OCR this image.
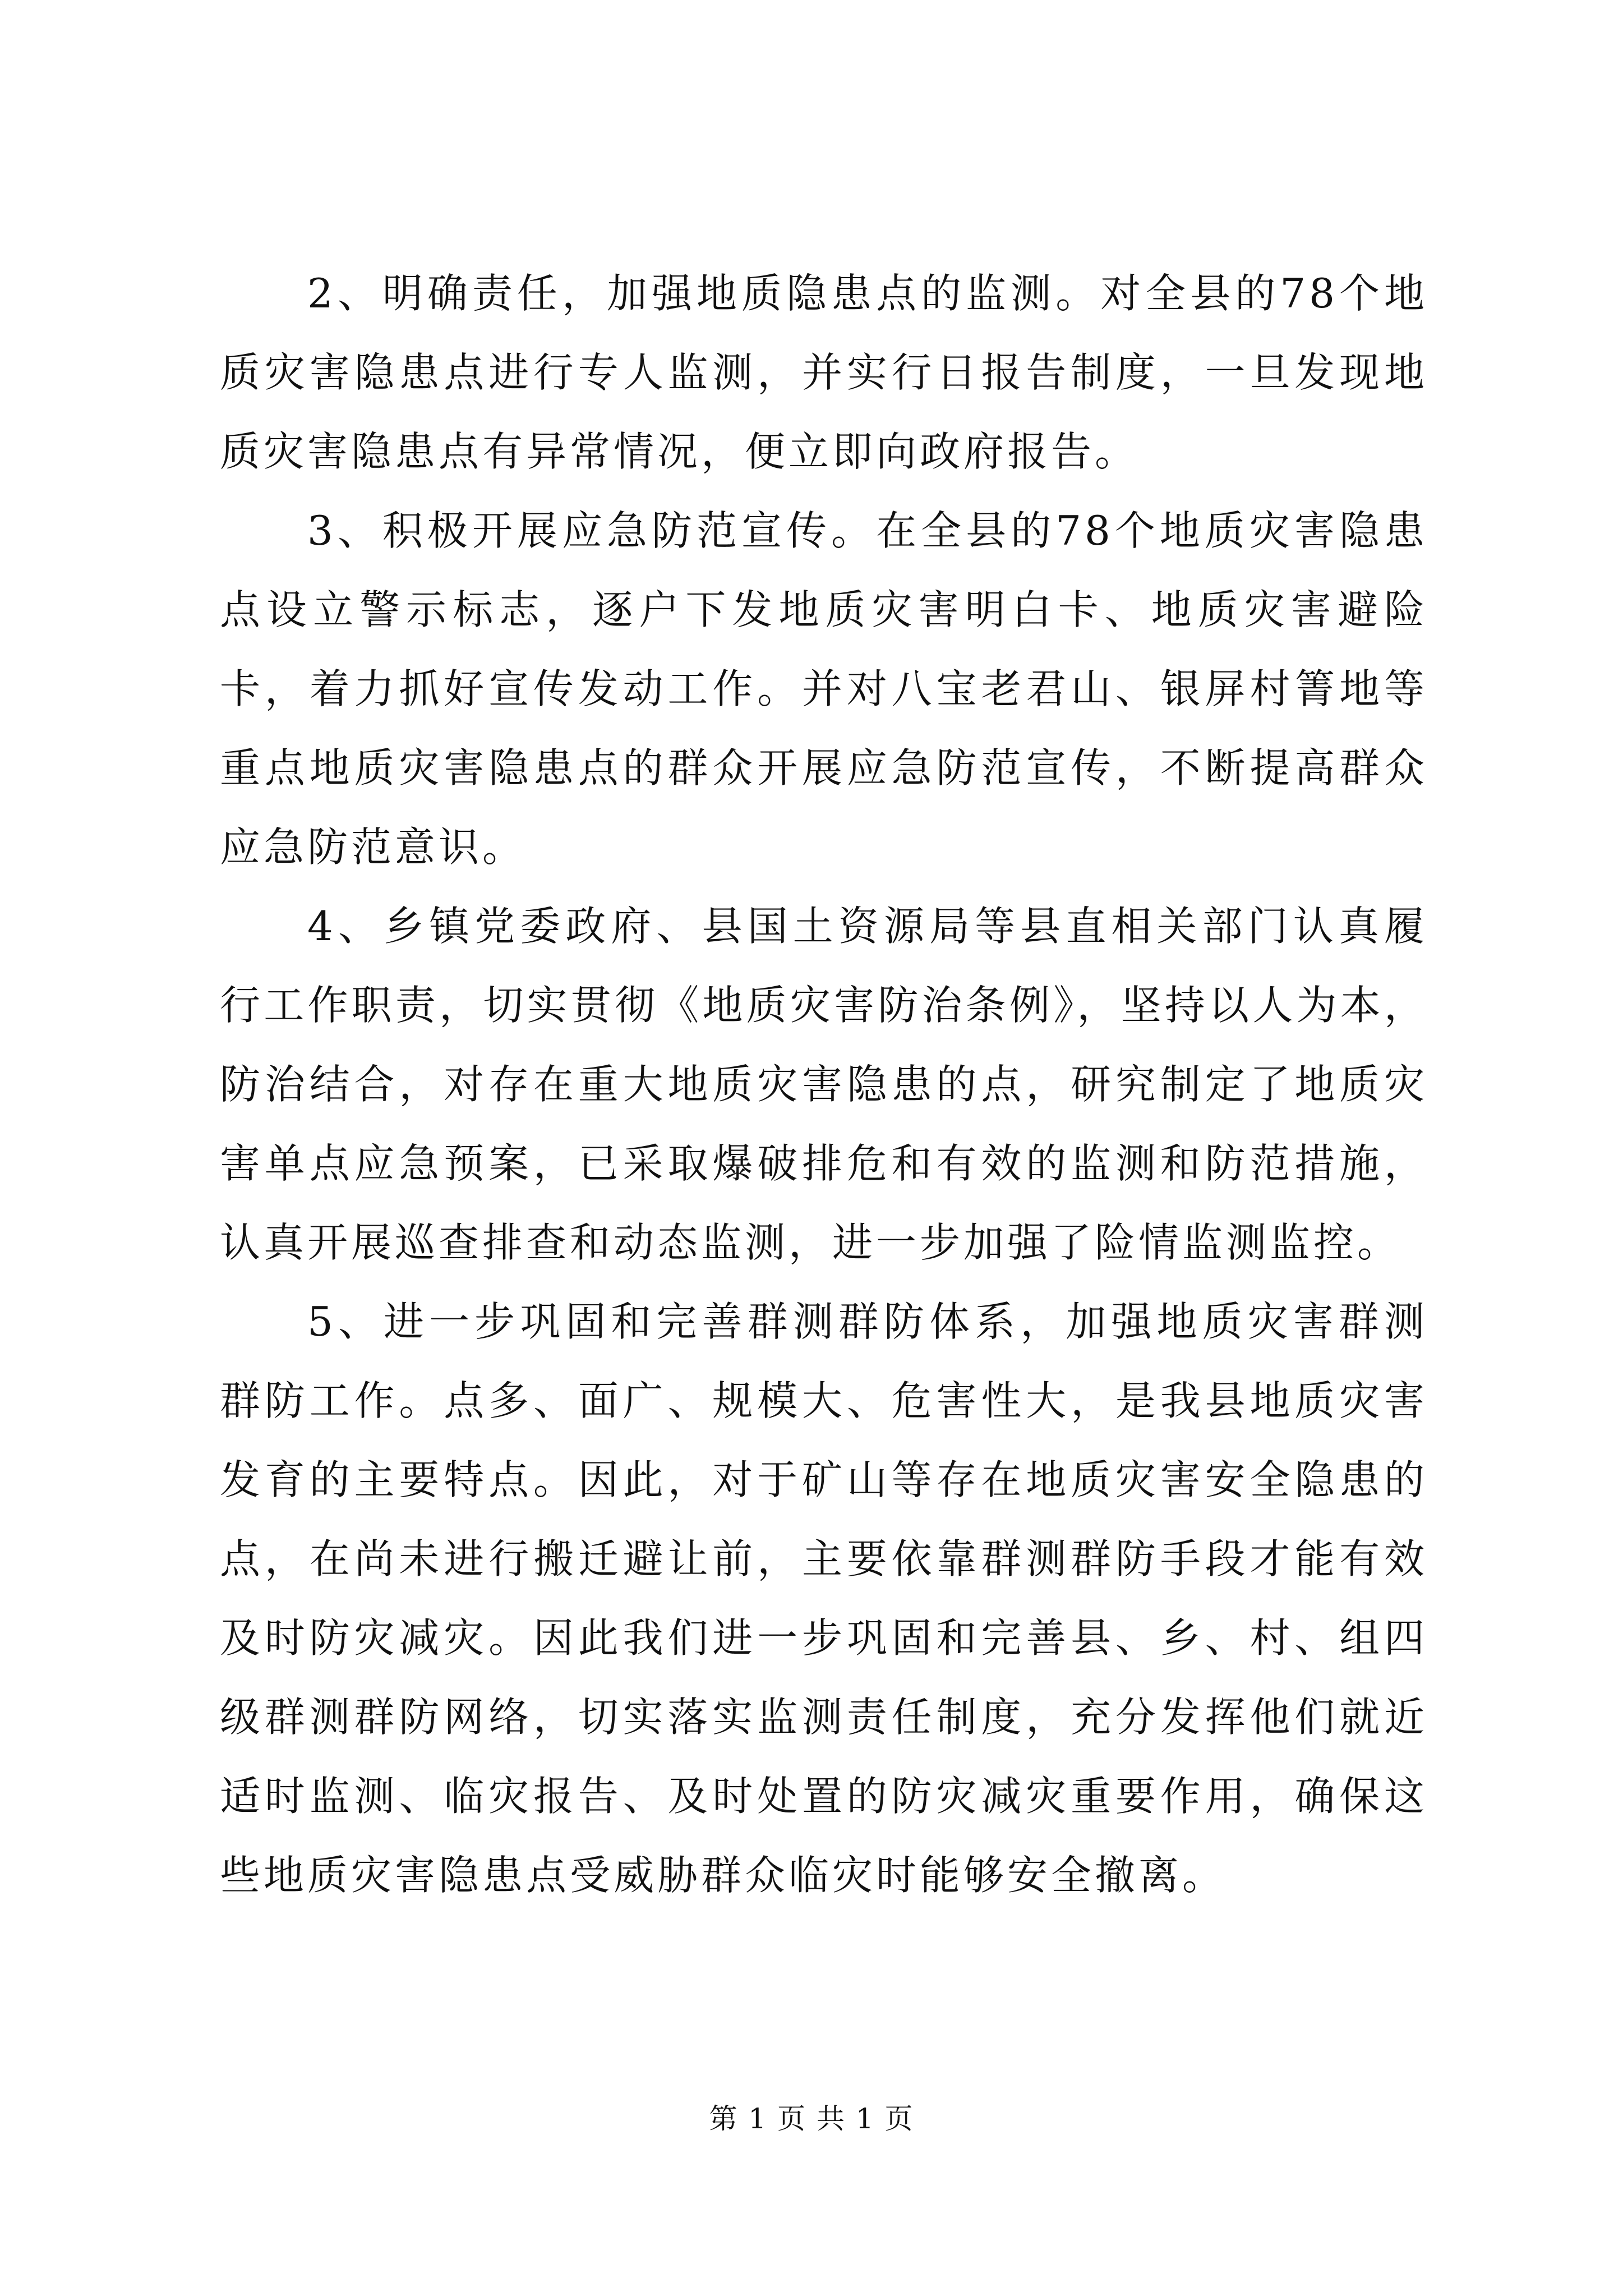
2、明确责任，加强地质隐患点的监测。对全县的78个地质灾害隐患点进行专人监测，并实行日报告制度，一旦发现地质灾害隐患点有异常情况，便立即向政府报告。

3、积极开展应急防范宣传。在全县的78个地质灾害隐患点设立警示标志，逐户下发地质灾害明白卡、地质灾害避险卡，着力抓好宣传发动工作。并对八宝老君山、银屏村箐地等重点地质灾害隐患点的群众开展应急防范宣传，不断提高群众应急防范意识。

4、乡镇党委政府、县国土资源局等县直相关部门认真履行工作职责，切实贯彻《地质灾害防治条例》，坚持以人为本，防治结合，对存在重大地质灾害隐患的点，研究制定了地质灾害单点应急预案，已采取爆破排危和有效的监测和防范措施，认真开展巡查排查和动态监测，进一步加强了险情监测监控。

5、进一步巩固和完善群测群防体系，加强地质灾害群测群防工作。点多、面广、规模大、危害性大，是我县地质灾害发育的主要特点。因此，对于矿山等存在地质灾害安全隐患的点，在尚未进行搬迁避让前，主要依靠群测群防手段才能有效及时防灾减灾。因此我们进一步巩固和完善县、乡、村、组四级群测群防网络，切实落实监测责任制度，充分发挥他们就近适时监测、临灾报告、及时处置的防灾减灾重要作用，确保这些地质灾害隐患点受威胁群众临灾时能够安全撤离。

第 1 页 共 1 页
